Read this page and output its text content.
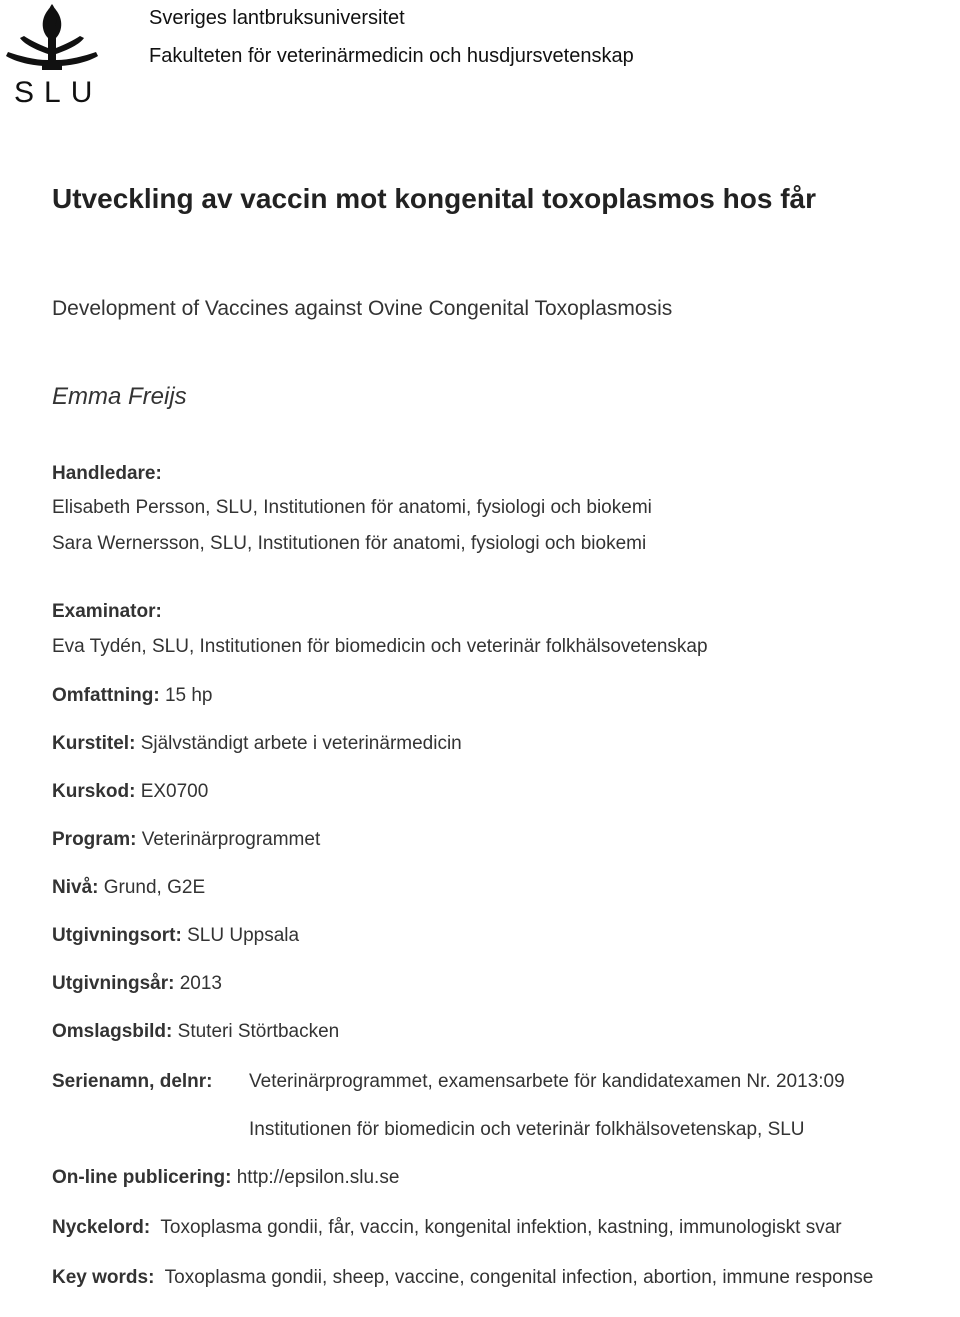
SLU
Sveriges lantbruksuniversitet
Fakulteten för veterinärmedicin och husdjursvetenskap
Utveckling av vaccin mot kongenital toxoplasmos hos får
Development of Vaccines against Ovine Congenital Toxoplasmosis
Emma Freijs
Handledare:
Elisabeth Persson, SLU, Institutionen för anatomi, fysiologi och biokemi
Sara Wernersson, SLU, Institutionen för anatomi, fysiologi och biokemi
Examinator:
Eva Tydén, SLU, Institutionen för biomedicin och veterinär folkhälsovetenskap
Omfattning: 15 hp
Kurstitel: Självständigt arbete i veterinärmedicin
Kurskod: EX0700
Program: Veterinärprogrammet
Nivå: Grund, G2E
Utgivningsort: SLU Uppsala
Utgivningsår: 2013
Omslagsbild: Stuteri Störtbacken
Serienamn, delnr: Veterinärprogrammet, examensarbete för kandidatexamen Nr. 2013:09
Institutionen för biomedicin och veterinär folkhälsovetenskap, SLU
On-line publicering: http://epsilon.slu.se
Nyckelord: Toxoplasma gondii, får, vaccin, kongenital infektion, kastning, immunologiskt svar
Key words: Toxoplasma gondii, sheep, vaccine, congenital infection, abortion, immune response
